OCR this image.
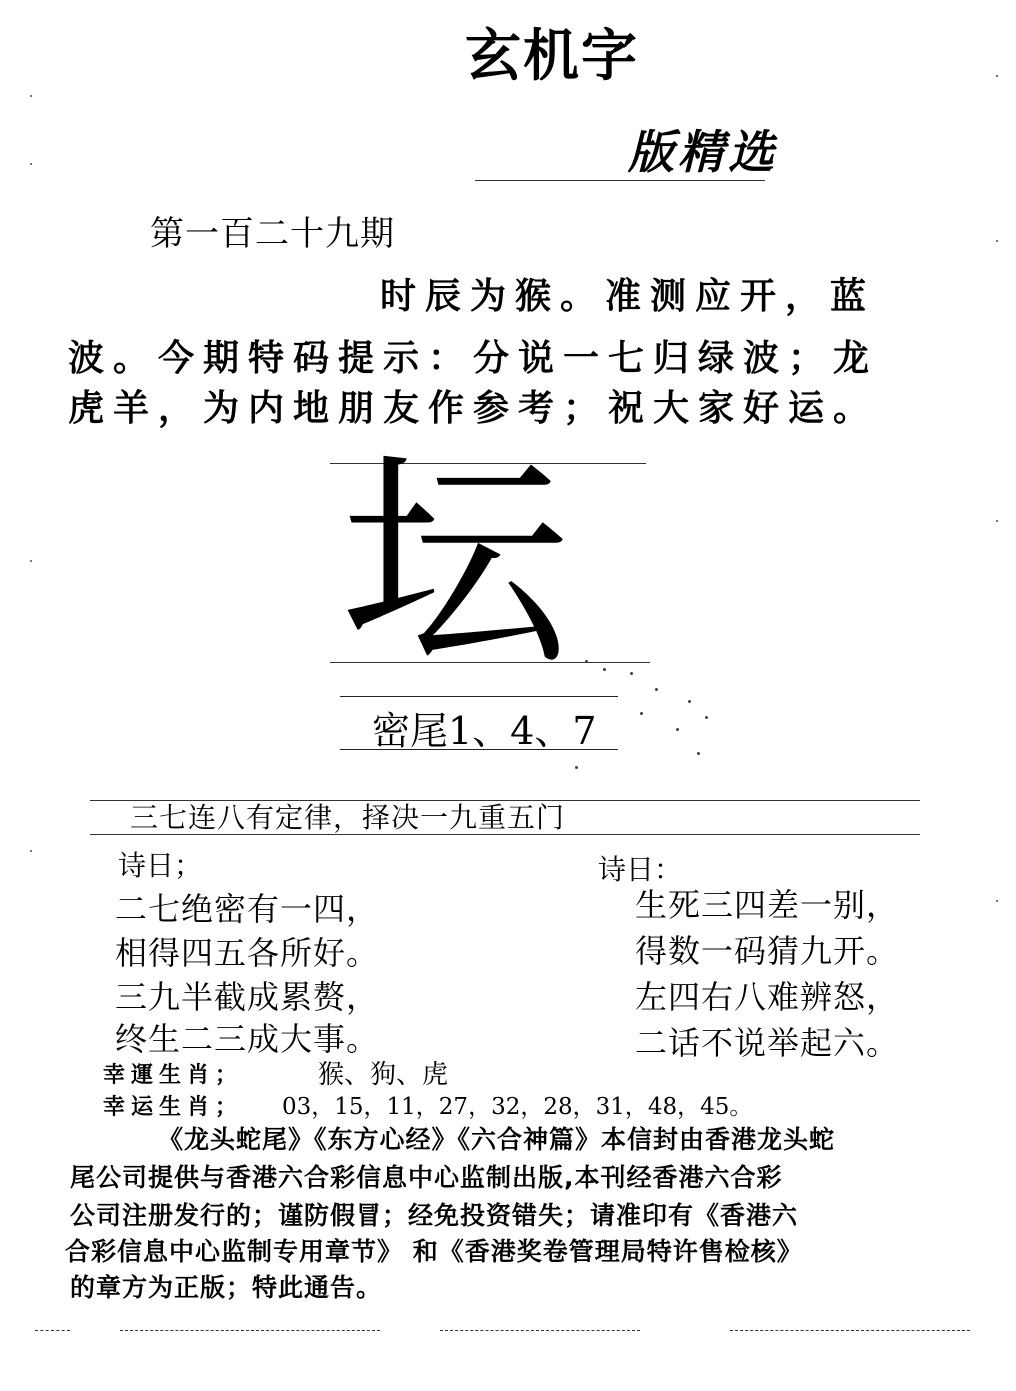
玄机字
版精选
第一百二十九期
时辰为猴。准测应开，蓝
波。今期特码提示：分说一七归绿波；龙
虎羊，为内地朋友作参考；祝大家好运。
坛
密尾1、4、7
三七连八有定律，择决一九重五门
诗日；
二七绝密有一四，
相得四五各所好。
三九半截成累赘，
终生二三成大事。
诗日：
生死三四差一别，
得数一码猜九开。
左四右八难辨怒，
二话不说举起六。
幸運生肖；	猴、狗、虎
幸运生肖； 03，15，11，27，32，28，31，48，45。
《龙头蛇尾》《东方心经》《六合神篇》本信封由香港龙头蛇
尾公司提供与香港六合彩信息中心监制出版,本刊经香港六合彩
公司注册发行的；谨防假冒；经免投资错失；请准印有《香港六
合彩信息中心监制专用章节》 和《香港奖卷管理局特许售检核》
的章方为正版；特此通告。
